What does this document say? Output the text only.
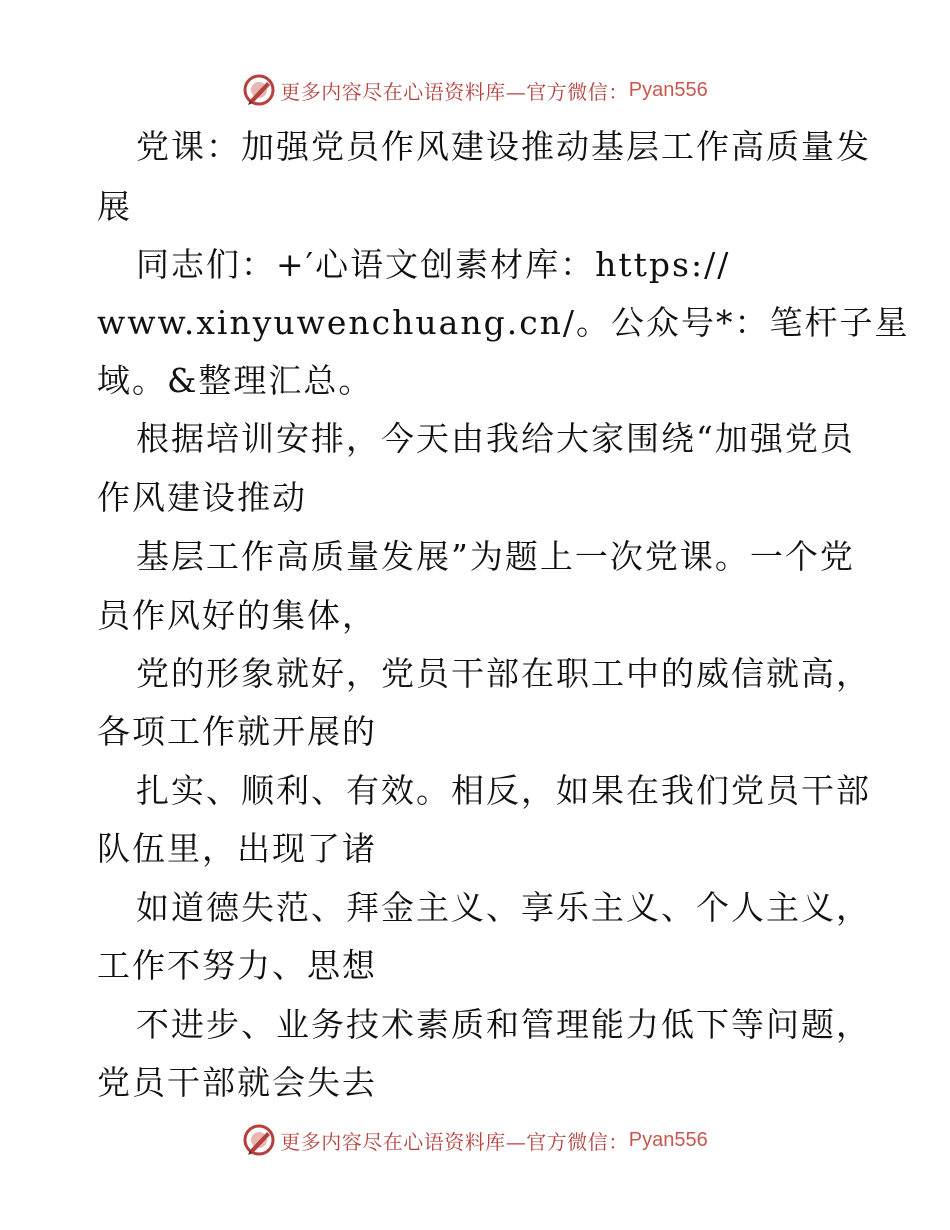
更多内容尽在心语资料库—官方微信： Pyan556
党课：加强党员作风建设推动基层工作高质量发
展
同志们：+′心语文创素材库：https://
www.xinyuwenchuang.cn/。公众号*：笔杆子星
域。&整理汇总。
根据培训安排，今天由我给大家围绕“加强党员
作风建设推动
基层工作高质量发展”为题上一次党课。一个党
员作风好的集体，
党的形象就好，党员干部在职工中的威信就高，
各项工作就开展的
扎实、顺利、有效。相反，如果在我们党员干部
队伍里，出现了诸
如道德失范、拜金主义、享乐主义、个人主义，
工作不努力、思想
不进步、业务技术素质和管理能力低下等问题，
党员干部就会失去
更多内容尽在心语资料库—官方微信： Pyan556
